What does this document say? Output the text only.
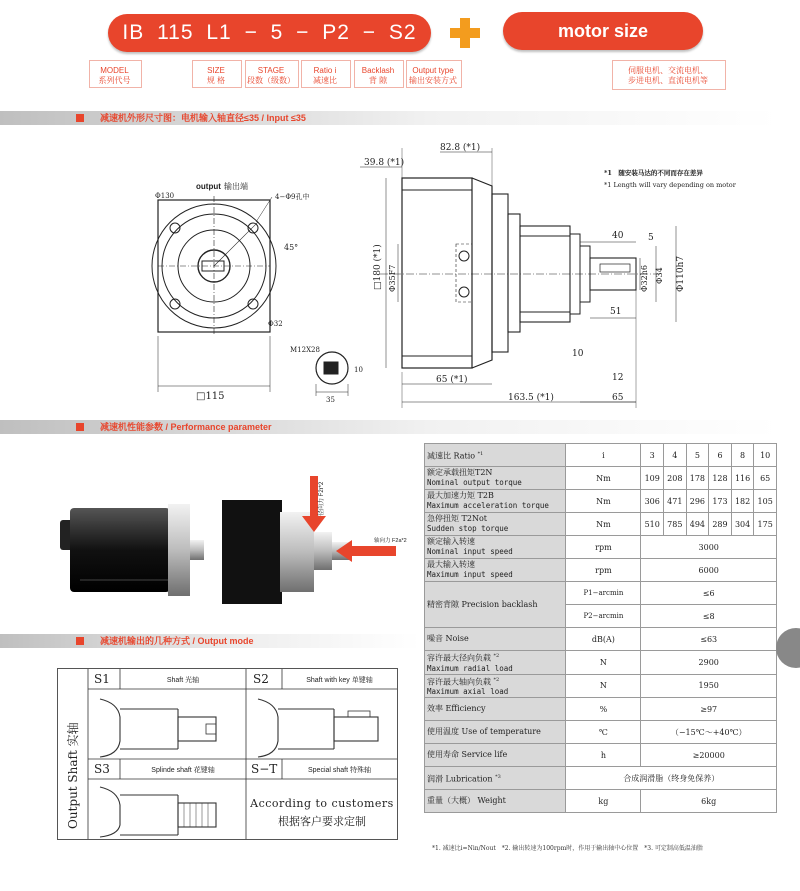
IB 115 L1 − 5 − P2 − S2	motor size
MODEL
系列代号
SIZE
规 格
STAGE
段数（级数）
Ratio i
减速比
Backlash
背 隙
Output type
输出安装方式
伺服电机、交流电机、
步进电机、直流电机等
减速机外形尺寸图：电机输入轴直径≤35 / Input ≤35
output 输出端
Φ130	4−Φ9孔中
45°
Φ32
□115
M12X28
35
10
82.8 (*1)
39.8 (*1)
□180 (*1) Φ35F7	Φ32h6 Φ34 Φ110h7
40	5
51
10
12
65 (*1)
163.5 (*1)	65
*1　随安装马达的不同而存在差异
*1 Length will vary depending on motor
减速机性能参数 / Performance parameter
径向力 F2r*2
轴向力 F2a*2
减速机输出的几种方式 / Output mode
减速比 Ratio $^{*1}$	i	3	4	5	6	8	10

额定承载扭矩T2N
Nominal output torque	Nm	109	208	178	128	116	65

最大加速力矩 T2B
Maximum acceleration torque	Nm	306	471	296	173	182	105

急停扭矩 T2Not
Sudden stop torque	Nm	510	785	494	289	304	175

额定输入转速
Nominal input speed	rpm	3000					

最大输入转速
Maximum input speed	rpm	6000					
精密背隙 Precision backlash	P1−arcmin	≤6					
	P2−arcmin	≤8					
噪音 Noise	dB(A)	≤63					

容许最大径向负载 $^{*2}$
Maximum radial load	N	2900					

容许最大轴向负载 $^{*2}$
Maximum axial load	N	1950					
效率 Efficiency	%	≥97					
使用温度 Use of temperature	℃	（−15℃～+40℃）					
使用寿命 Service life	h	≥20000					
润滑 Lubrication $^{*3}$	合成润滑脂（终身免保养）						
重量（大概） Weight	kg	6kg					
*1. 减速比i=Nin/Nout　*2. 输出转速为100rpm时，作用于输出轴中心位置　*3. 可定制高低温油脂
Output Shaft 实轴
S1	Shaft 光轴	S2	Shaft with key 单键轴
S3	Splinde shaft 花键轴	S−T	Special shaft 特殊轴
According to customers
根据客户要求定制
